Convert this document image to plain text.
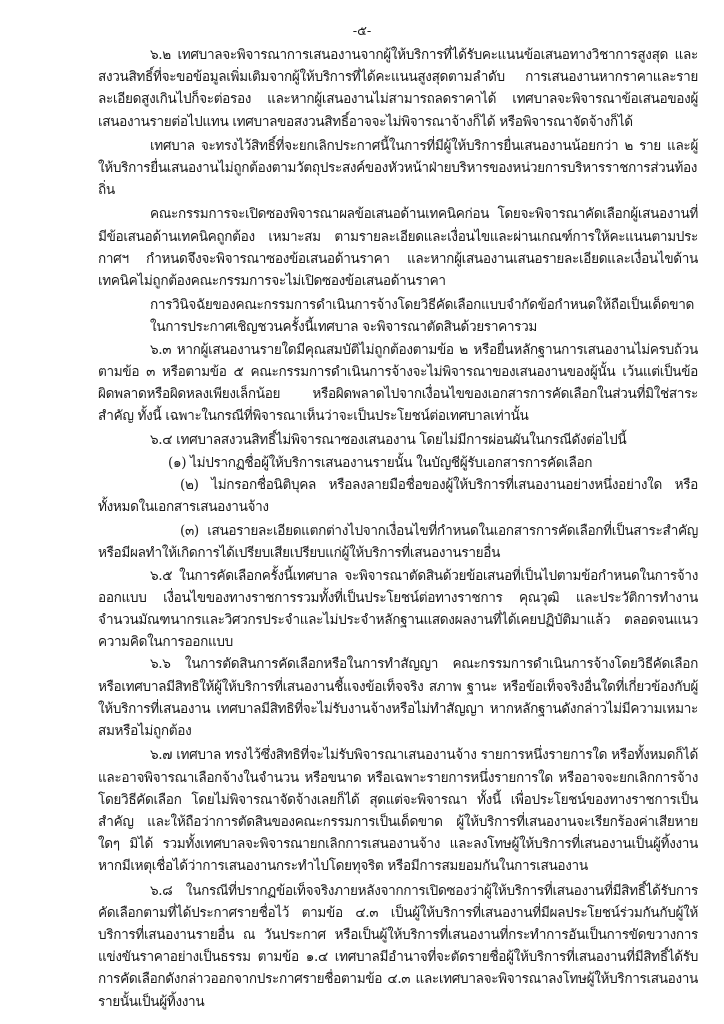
-๕-

๖.๒ เทศบาลจะพิจารณาการเสนองานจากผู้ให้บริการที่ได้รับคะแนนข้อเสนอทางวิชาการสูงสุด และสงวนสิทธิ์ที่จะขอข้อมูลเพิ่มเติมจากผู้ให้บริการที่ได้คะแนนสูงสุดตามลำดับ การเสนองานหากราคาและรายละเอียดสูงเกินไปก็จะต่อรอง และหากผู้เสนองานไม่สามารถลดราคาได้ เทศบาลจะพิจารณาข้อเสนอของผู้เสนองานรายต่อไปแทน เทศบาลขอสงวนสิทธิ์อาจจะไม่พิจารณาจ้างก็ได้ หรือพิจารณาจัดจ้างก็ได้

เทศบาล จะทรงไว้สิทธิ์ที่จะยกเลิกประกาศนี้ในการที่มีผู้ให้บริการยื่นเสนองานน้อยกว่า ๒ ราย และผู้ให้บริการยื่นเสนองานไม่ถูกต้องตามวัตถุประสงค์ของหัวหน้าฝ่ายบริหารของหน่วยการบริหารราชการส่วนท้องถิ่น

คณะกรรมการจะเปิดซองพิจารณาผลข้อเสนอด้านเทคนิคก่อน โดยจะพิจารณาคัดเลือกผู้เสนองานที่มีข้อเสนอด้านเทคนิคถูกต้อง เหมาะสม ตามรายละเอียดและเงื่อนไขและผ่านเกณฑ์การให้คะแนนตามประกาศฯ กำหนดจึงจะพิจารณาซองข้อเสนอด้านราคา และหากผู้เสนองานเสนอรายละเอียดและเงื่อนไขด้านเทคนิคไม่ถูกต้องคณะกรรมการจะไม่เปิดซองข้อเสนอด้านราคา

การวินิจฉัยของคณะกรรมการดำเนินการจ้างโดยวิธีคัดเลือกแบบจำกัดข้อกำหนดให้ถือเป็นเด็ดขาด

ในการประกาศเชิญชวนครั้งนี้เทศบาล จะพิจารณาตัดสินด้วยราคารวม

๖.๓ หากผู้เสนองานรายใดมีคุณสมบัติไม่ถูกต้องตามข้อ ๒ หรือยื่นหลักฐานการเสนองานไม่ครบถ้วนตามข้อ ๓ หรือตามข้อ ๕ คณะกรรมการดำเนินการจ้างจะไม่พิจารณาของเสนองานของผู้นั้น เว้นแต่เป็นข้อผิดพลาดหรือผิดหลงเพียงเล็กน้อย หรือผิดพลาดไปจากเงื่อนไขของเอกสารการคัดเลือกในส่วนที่มิใช่สาระสำคัญ ทั้งนี้ เฉพาะในกรณีที่พิจารณาเห็นว่าจะเป็นประโยชน์ต่อเทศบาลเท่านั้น

๖.๔ เทศบาลสงวนสิทธิ์ไม่พิจารณาซองเสนองาน โดยไม่มีการผ่อนผันในกรณีดังต่อไปนี้

(๑) ไม่ปรากฏชื่อผู้ให้บริการเสนองานรายนั้น ในบัญชีผู้รับเอกสารการคัดเลือก

(๒) ไม่กรอกชื่อนิติบุคล หรือลงลายมือชื่อของผู้ให้บริการที่เสนองานอย่างหนึ่งอย่างใด หรือทั้งหมดในเอกสารเสนองานจ้าง

(๓) เสนอรายละเอียดแตกต่างไปจากเงื่อนไขที่กำหนดในเอกสารการคัดเลือกที่เป็นสาระสำคัญ หรือมีผลทำให้เกิดการได้เปรียบเสียเปรียบแก่ผู้ให้บริการที่เสนองานรายอื่น

๖.๕ ในการคัดเลือกครั้งนี้เทศบาล จะพิจารณาตัดสินด้วยข้อเสนอที่เป็นไปตามข้อกำหนดในการจ้างออกแบบ เงื่อนไขของทางราชการรวมทั้งที่เป็นประโยชน์ต่อทางราชการ คุณวุฒิ และประวัติการทำงาน จำนวนมัณฑนากรและวิศวกรประจำและไม่ประจำหลักฐานแสดงผลงานที่ได้เคยปฏิบัติมาแล้ว ตลอดจนแนวความคิดในการออกแบบ

๖.๖ ในการตัดสินการคัดเลือกหรือในการทำสัญญา คณะกรรมการดำเนินการจ้างโดยวิธีคัดเลือกหรือเทศบาลมีสิทธิให้ผู้ให้บริการที่เสนองานชี้แจงข้อเท็จจริง สภาพ ฐานะ หรือข้อเท็จจริงอื่นใดที่เกี่ยวข้องกับผู้ให้บริการที่เสนองาน เทศบาลมีสิทธิที่จะไม่รับงานจ้างหรือไม่ทำสัญญา หากหลักฐานดังกล่าวไม่มีความเหมาะสมหรือไม่ถูกต้อง

๖.๗ เทศบาล ทรงไว้ซึ่งสิทธิที่จะไม่รับพิจารณาเสนองานจ้าง รายการหนึ่งรายการใด หรือทั้งหมดก็ได้ และอาจพิจารณาเลือกจ้างในจำนวน หรือขนาด หรือเฉพาะรายการหนึ่งรายการใด หรืออาจจะยกเลิกการจ้างโดยวิธีคัดเลือก โดยไม่พิจารณาจัดจ้างเลยก็ได้ สุดแต่จะพิจารณา ทั้งนี้ เพื่อประโยชน์ของทางราชการเป็นสำคัญ และให้ถือว่าการตัดสินของคณะกรรมการเป็นเด็ดขาด ผู้ให้บริการที่เสนองานจะเรียกร้องค่าเสียหายใดๆ มิได้ รวมทั้งเทศบาลจะพิจารณายกเลิกการเสนองานจ้าง และลงโทษผู้ให้บริการที่เสนองานเป็นผู้ทิ้งงาน หากมีเหตุเชื่อได้ว่าการเสนองานกระทำไปโดยทุจริต หรือมีการสมยอมกันในการเสนองาน

๖.๘ ในกรณีที่ปรากฏข้อเท็จจริงภายหลังจากการเปิดซองว่าผู้ให้บริการที่เสนองานที่มีสิทธิ์ได้รับการคัดเลือกตามที่ได้ประกาศรายชื่อไว้ ตามข้อ ๔.๓ เป็นผู้ให้บริการที่เสนองานที่มีผลประโยชน์ร่วมกันกับผู้ให้บริการที่เสนองานรายอื่น ณ วันประกาศ หรือเป็นผู้ให้บริการที่เสนองานที่กระทำการอันเป็นการขัดขวางการแข่งขันราคาอย่างเป็นธรรม ตามข้อ ๑.๔ เทศบาลมีอำนาจที่จะตัดรายชื่อผู้ให้บริการที่เสนองานที่มีสิทธิ์ได้รับการคัดเลือกดังกล่าวออกจากประกาศรายชื่อตามข้อ ๔.๓ และเทศบาลจะพิจารณาลงโทษผู้ให้บริการเสนองานรายนั้นเป็นผู้ทิ้งงาน
